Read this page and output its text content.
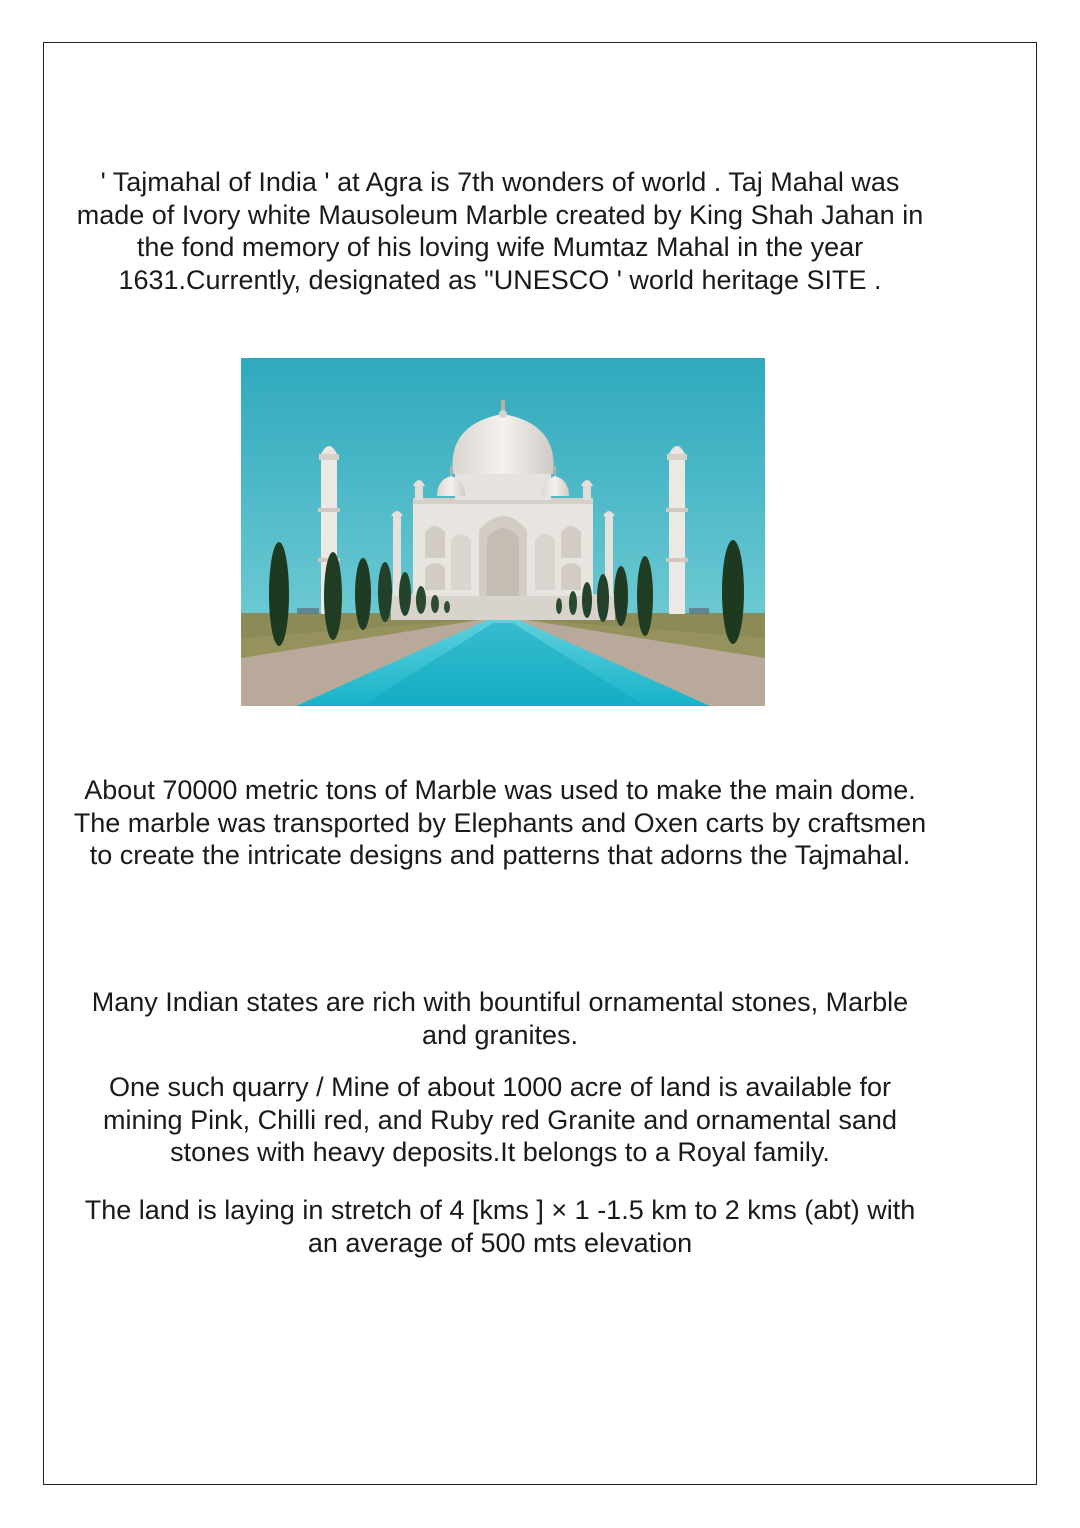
' Tajmahal of India ' at Agra is 7th wonders of world . Taj Mahal was made of Ivory white Mausoleum Marble created by King Shah Jahan in the fond memory of his loving wife Mumtaz Mahal in the year 1631.Currently, designated as "UNESCO ' world heritage SITE .

About 70000 metric tons of Marble was used to make the main dome. The marble was transported by Elephants and Oxen carts by craftsmen to create the intricate designs and patterns that adorns the Tajmahal.

Many Indian states are rich with bountiful ornamental stones, Marble and granites.

One such quarry / Mine of about 1000 acre of land is available for mining Pink, Chilli red, and Ruby red Granite and ornamental sand stones with heavy deposits.It belongs to a Royal family.

The land is laying in stretch of 4 [kms ] × 1 -1.5 km to 2 kms (abt) with an average of 500 mts elevation
